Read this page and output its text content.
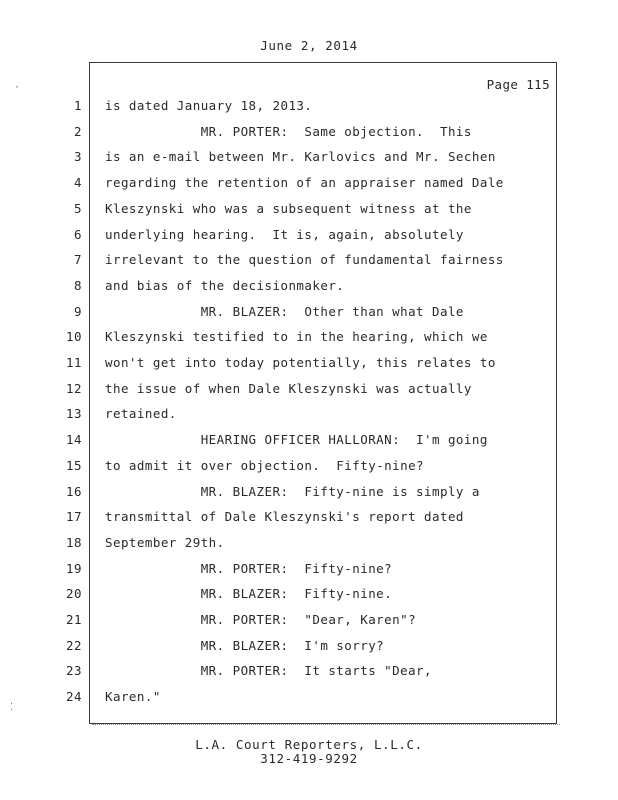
June 2, 2014
Page 115
1 is dated January 18, 2013.
2 MR. PORTER:  Same objection.  This
3 is an e-mail between Mr. Karlovics and Mr. Sechen
4 regarding the retention of an appraiser named Dale
5 Kleszynski who was a subsequent witness at the
6 underlying hearing.  It is, again, absolutely
7 irrelevant to the question of fundamental fairness
8 and bias of the decisionmaker.
9 MR. BLAZER:  Other than what Dale
10 Kleszynski testified to in the hearing, which we
11 won't get into today potentially, this relates to
12 the issue of when Dale Kleszynski was actually
13 retained.
14 HEARING OFFICER HALLORAN:  I'm going
15 to admit it over objection.  Fifty-nine?
16 MR. BLAZER:  Fifty-nine is simply a
17 transmittal of Dale Kleszynski's report dated
18 September 29th.
19 MR. PORTER:  Fifty-nine?
20 MR. BLAZER:  Fifty-nine.
21 MR. PORTER:  "Dear, Karen"?
22 MR. BLAZER:  I'm sorry?
23 MR. PORTER:  It starts "Dear,
24 Karen."
L.A. Court Reporters, L.L.C.
312-419-9292
·
⁚
